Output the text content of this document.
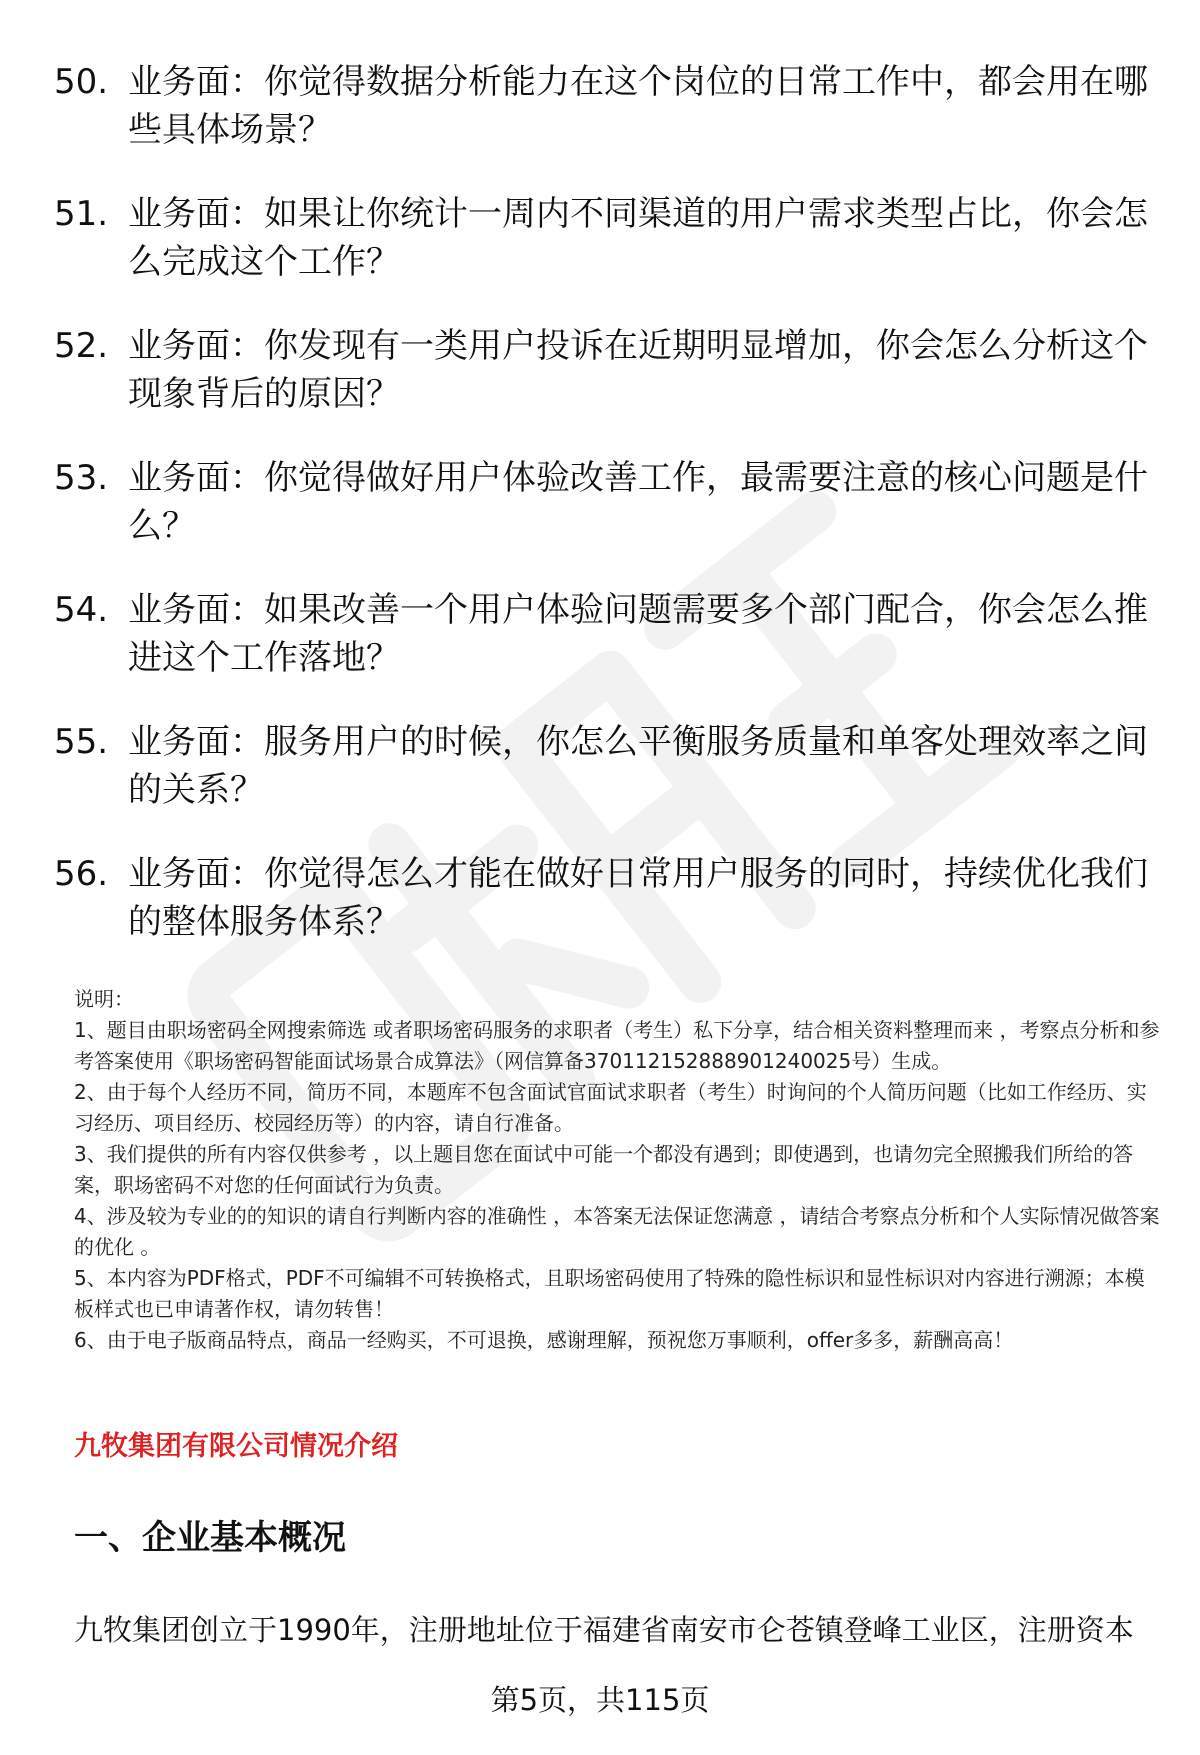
50. 业务面：你觉得数据分析能力在这个岗位的日常工作中，都会用在哪些具体场景？
51. 业务面：如果让你统计一周内不同渠道的用户需求类型占比，你会怎么完成这个工作？
52. 业务面：你发现有一类用户投诉在近期明显增加，你会怎么分析这个现象背后的原因？
53. 业务面：你觉得做好用户体验改善工作，最需要注意的核心问题是什么？
54. 业务面：如果改善一个用户体验问题需要多个部门配合，你会怎么推进这个工作落地？
55. 业务面：服务用户的时候，你怎么平衡服务质量和单客处理效率之间的关系？
56. 业务面：你觉得怎么才能在做好日常用户服务的同时，持续优化我们的整体服务体系？

说明：

1、题目由职场密码全网搜索筛选 或者职场密码服务的求职者（考生）私下分享，结合相关资料整理而来 ，考察点分析和参考答案使用《职场密码智能面试场景合成算法》（网信算备370112152888901240025号）生成。

2、由于每个人经历不同，简历不同，本题库不包含面试官面试求职者（考生）时询问的个人简历问题（比如工作经历、实习经历、项目经历、校园经历等）的内容，请自行准备。

3、我们提供的所有内容仅供参考 ，以上题目您在面试中可能一个都没有遇到；即使遇到，也请勿完全照搬我们所给的答案，职场密码不对您的任何面试行为负责。

4、涉及较为专业的的知识的请自行判断内容的准确性 ，本答案无法保证您满意 ，请结合考察点分析和个人实际情况做答案的优化 。

5、本内容为PDF格式，PDF不可编辑不可转换格式，且职场密码使用了特殊的隐性标识和显性标识对内容进行溯源；本模板样式也已申请著作权，请勿转售！

6、由于电子版商品特点，商品一经购买，不可退换，感谢理解，预祝您万事顺利，offer多多，薪酬高高！

九牧集团有限公司情况介绍
一、企业基本概况
九牧集团创立于1990年，注册地址位于福建省南安市仑苍镇登峰工业区，注册资本
第5页，共115页
